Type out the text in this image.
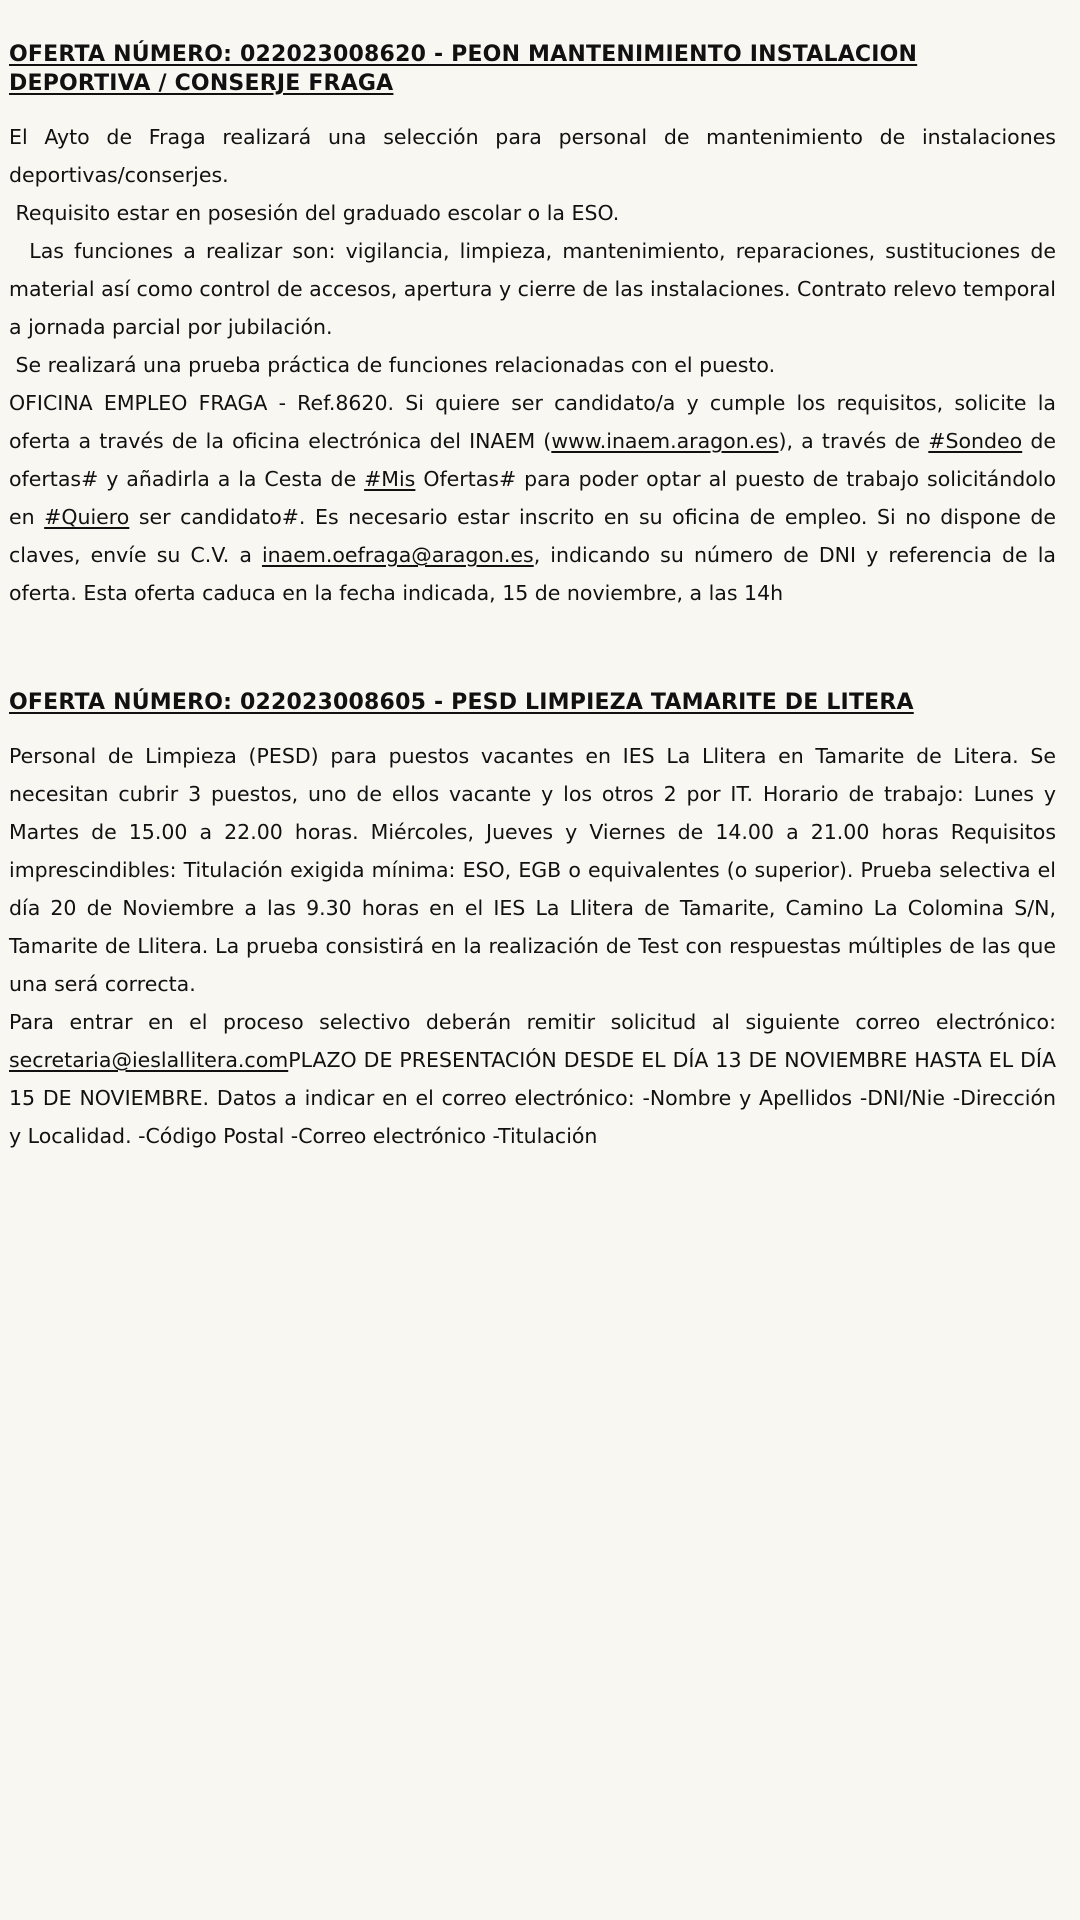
OFERTA NÚMERO: 022023008620 - PEON MANTENIMIENTO INSTALACION DEPORTIVA / CONSERJE FRAGA

El Ayto de Fraga realizará una selección para personal de mantenimiento de instalaciones deportivas/conserjes.

Requisito estar en posesión del graduado escolar o la ESO.

Las funciones a realizar son: vigilancia, limpieza, mantenimiento, reparaciones, sustituciones de material así como control de accesos, apertura y cierre de las instalaciones. Contrato relevo temporal a jornada parcial por jubilación.

Se realizará una prueba práctica de funciones relacionadas con el puesto.

OFICINA EMPLEO FRAGA - Ref.8620. Si quiere ser candidato/a y cumple los requisitos, solicite la oferta a través de la oficina electrónica del INAEM (www.inaem.aragon.es), a través de #Sondeo de ofertas# y añadirla a la Cesta de #Mis Ofertas# para poder optar al puesto de trabajo solicitándolo en #Quiero ser candidato#. Es necesario estar inscrito en su oficina de empleo. Si no dispone de claves, envíe su C.V. a inaem.oefraga@aragon.es, indicando su número de DNI y referencia de la oferta. Esta oferta caduca en la fecha indicada, 15 de noviembre, a las 14h

OFERTA NÚMERO: 022023008605 - PESD LIMPIEZA TAMARITE DE LITERA

Personal de Limpieza (PESD) para puestos vacantes en IES La Llitera en Tamarite de Litera. Se necesitan cubrir 3 puestos, uno de ellos vacante y los otros 2 por IT. Horario de trabajo: Lunes y Martes de 15.00 a 22.00 horas. Miércoles, Jueves y Viernes de 14.00 a 21.00 horas Requisitos imprescindibles: Titulación exigida mínima: ESO, EGB o equivalentes (o superior). Prueba selectiva el día 20 de Noviembre a las 9.30 horas en el IES La Llitera de Tamarite, Camino La Colomina S/N, Tamarite de Llitera. La prueba consistirá en la realización de Test con respuestas múltiples de las que una será correcta.

Para entrar en el proceso selectivo deberán remitir solicitud al siguiente correo electrónico: secretaria@ieslallitera.comPLAZO DE PRESENTACIÓN DESDE EL DÍA 13 DE NOVIEMBRE HASTA EL DÍA 15 DE NOVIEMBRE. Datos a indicar en el correo electrónico: -Nombre y Apellidos -DNI/Nie -Dirección y Localidad. -Código Postal -Correo electrónico -Titulación
